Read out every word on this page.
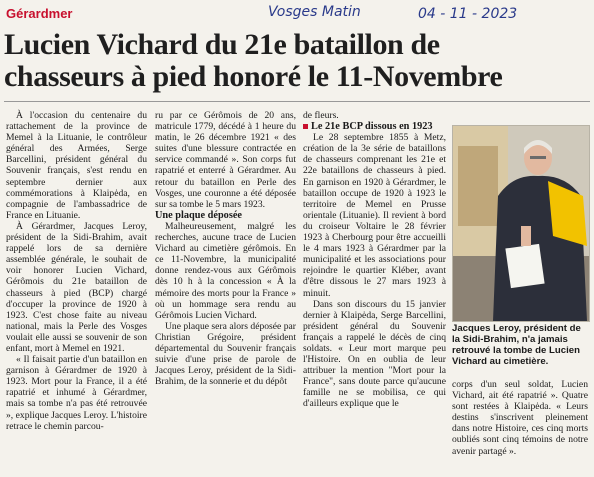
Gérardmer	Vosges Matin	04 - 11 - 2023
Lucien Vichard du 21e bataillon de
chasseurs à pied honoré le 11-Novembre

À l'occasion du centenaire du rattachement de la province de Memel à la Lituanie, le contrôleur général des Armées, Serge Barcellini, président général du Souvenir français, s'est rendu en septembre dernier aux commémorations à Klaipėda, en compagnie de l'ambassadrice de France en Lituanie.

À Gérardmer, Jacques Leroy, président de la Sidi-Brahim, avait rappelé lors de sa dernière assemblée générale, le souhait de voir honorer Lucien Vichard, Gérômois du 21e bataillon de chasseurs à pied (BCP) chargé d'occuper la province de 1920 à 1923. C'est chose faite au niveau national, mais la Perle des Vosges voulait elle aussi se souvenir de son enfant, mort à Memel en 1921.

« Il faisait partie d'un bataillon en garnison à Gérardmer de 1920 à 1923. Mort pour la France, il a été rapatrié et inhumé à Gérardmer, mais sa tombe n'a pas été retrouvée », explique Jacques Leroy. L'histoire retrace le chemin parcou-

ru par ce Gérômois de 20 ans, matricule 1779, décédé à 1 heure du matin, le 26 décembre 1921 « des suites d'une blessure contractée en service commandé ». Son corps fut rapatrié et enterré à Gérardmer. Au retour du bataillon en Perle des Vosges, une couronne a été déposée sur sa tombe le 5 mars 1923.

Une plaque déposée

Malheureusement, malgré les recherches, aucune trace de Lucien Vichard au cimetière gérômois. En ce 11-Novembre, la municipalité donne rendez-vous aux Gérômois dès 10 h à la concession « À la mémoire des morts pour la France » où un hommage sera rendu au Gérômois Lucien Vichard.

Une plaque sera alors déposée par Christian Grégoire, président départemental du Souvenir français suivie d'une prise de parole de Jacques Leroy, président de la Sidi-Brahim, de la sonnerie et du dépôt

de fleurs.

Le 21e BCP dissous en 1923

Le 28 septembre 1855 à Metz, création de la 3e série de bataillons de chasseurs comprenant les 21e et 22e bataillons de chasseurs à pied. En garnison en 1920 à Gérardmer, le bataillon occupe de 1920 à 1923 le territoire de Memel en Prusse orientale (Lituanie). Il revient à bord du croiseur Voltaire le 28 février 1923 à Cherbourg pour être accueilli le 4 mars 1923 à Gérardmer par la municipalité et les associations pour rejoindre le quartier Kléber, avant d'être dissous le 27 mars 1923 à minuit.

Dans son discours du 15 janvier dernier à Klaipėda, Serge Barcellini, président général du Souvenir français a rappelé le décès de cinq soldats. « Leur mort marque peu l'Histoire. On en oublia de leur attribuer la mention "Mort pour la France", sans doute parce qu'aucune famille ne se mobilisa, ce qui d'ailleurs explique que le

Jacques Leroy, président de la Sidi-Brahim, n'a jamais retrouvé la tombe de Lucien Vichard au cimetière.

corps d'un seul soldat, Lucien Vichard, ait été rapatrié ». Quatre sont restées à Klaipėda. « Leurs destins s'inscrivent pleinement dans notre Histoire, ces cinq morts oubliés sont cinq témoins de notre avenir partagé ».
